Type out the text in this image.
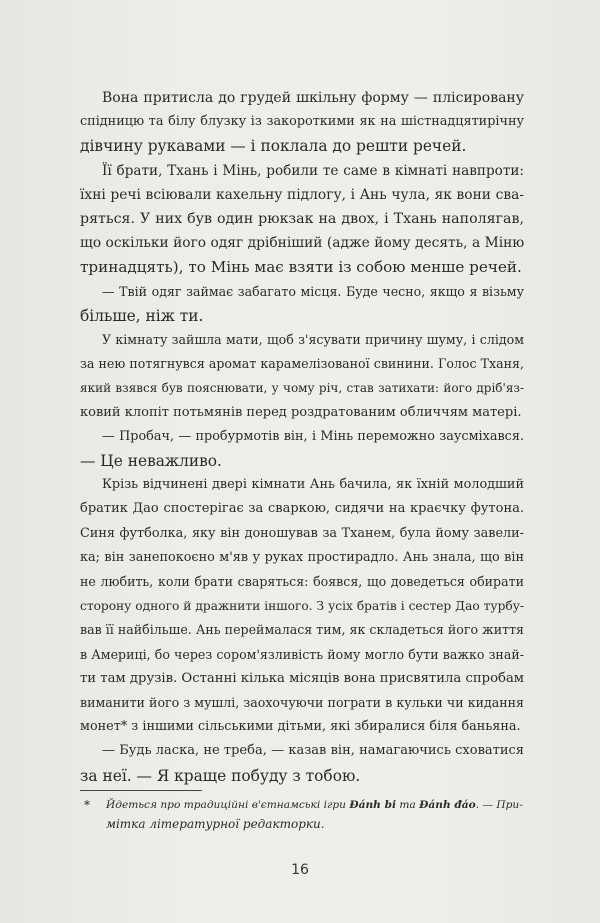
Вона притисла до грудей шкільну форму — плісировану
спідницю та білу блузку із закороткими як на шістнадцятирічну
дівчину рукавами — і поклала до решти речей.
Її брати, Тхань і Мінь, робили те саме в кімнаті навпроти:
їхні речі всіювали кахельну підлогу, і Ань чула, як вони сва-
ряться. У них був один рюкзак на двох, і Тхань наполягав,
що оскільки його одяг дрібніший (адже йому десять, а Міню
тринадцять), то Мінь має взяти із собою менше речей.
— Твій одяг займає забагато місця. Буде чесно, якщо я візьму
більше, ніж ти.
У кімнату зайшла мати, щоб з'ясувати причину шуму, і слідом
за нею потягнувся аромат карамелізованої свинини. Голос Тханя,
який взявся був пояснювати, у чому річ, став затихати: його дріб'яз-
ковий клопіт потьмянів перед роздратованим обличчям матері.
— Пробач, — пробурмотів він, і Мінь переможно заусміхався.
— Це неважливо.
Крізь відчинені двері кімнати Ань бачила, як їхній молодший
братик Дао спостерігає за сваркою, сидячи на краєчку футона.
Синя футболка, яку він доношував за Тханем, була йому завели-
ка; він занепокоєно м'яв у руках простирадло. Ань знала, що він
не любить, коли брати сваряться: боявся, що доведеться обирати
сторону одного й дражнити іншого. З усіх братів і сестер Дао турбу-
вав її найбільше. Ань переймалася тим, як складеться його життя
в Америці, бо через сором'язливість йому могло бути важко знай-
ти там друзів. Останні кілька місяців вона присвятила спробам
виманити його з мушлі, заохочуючи пограти в кульки чи кидання
монет* з іншими сільськими дітьми, які збиралися біля баньяна.
— Будь ласка, не треба, — казав він, намагаючись сховатися
за неї. — Я краще побуду з тобою.
* Йдеться про традиційні в'єтнамські ігри Đánh bi та Đánh đáo. — При-
мітка літературної редакторки.
16
